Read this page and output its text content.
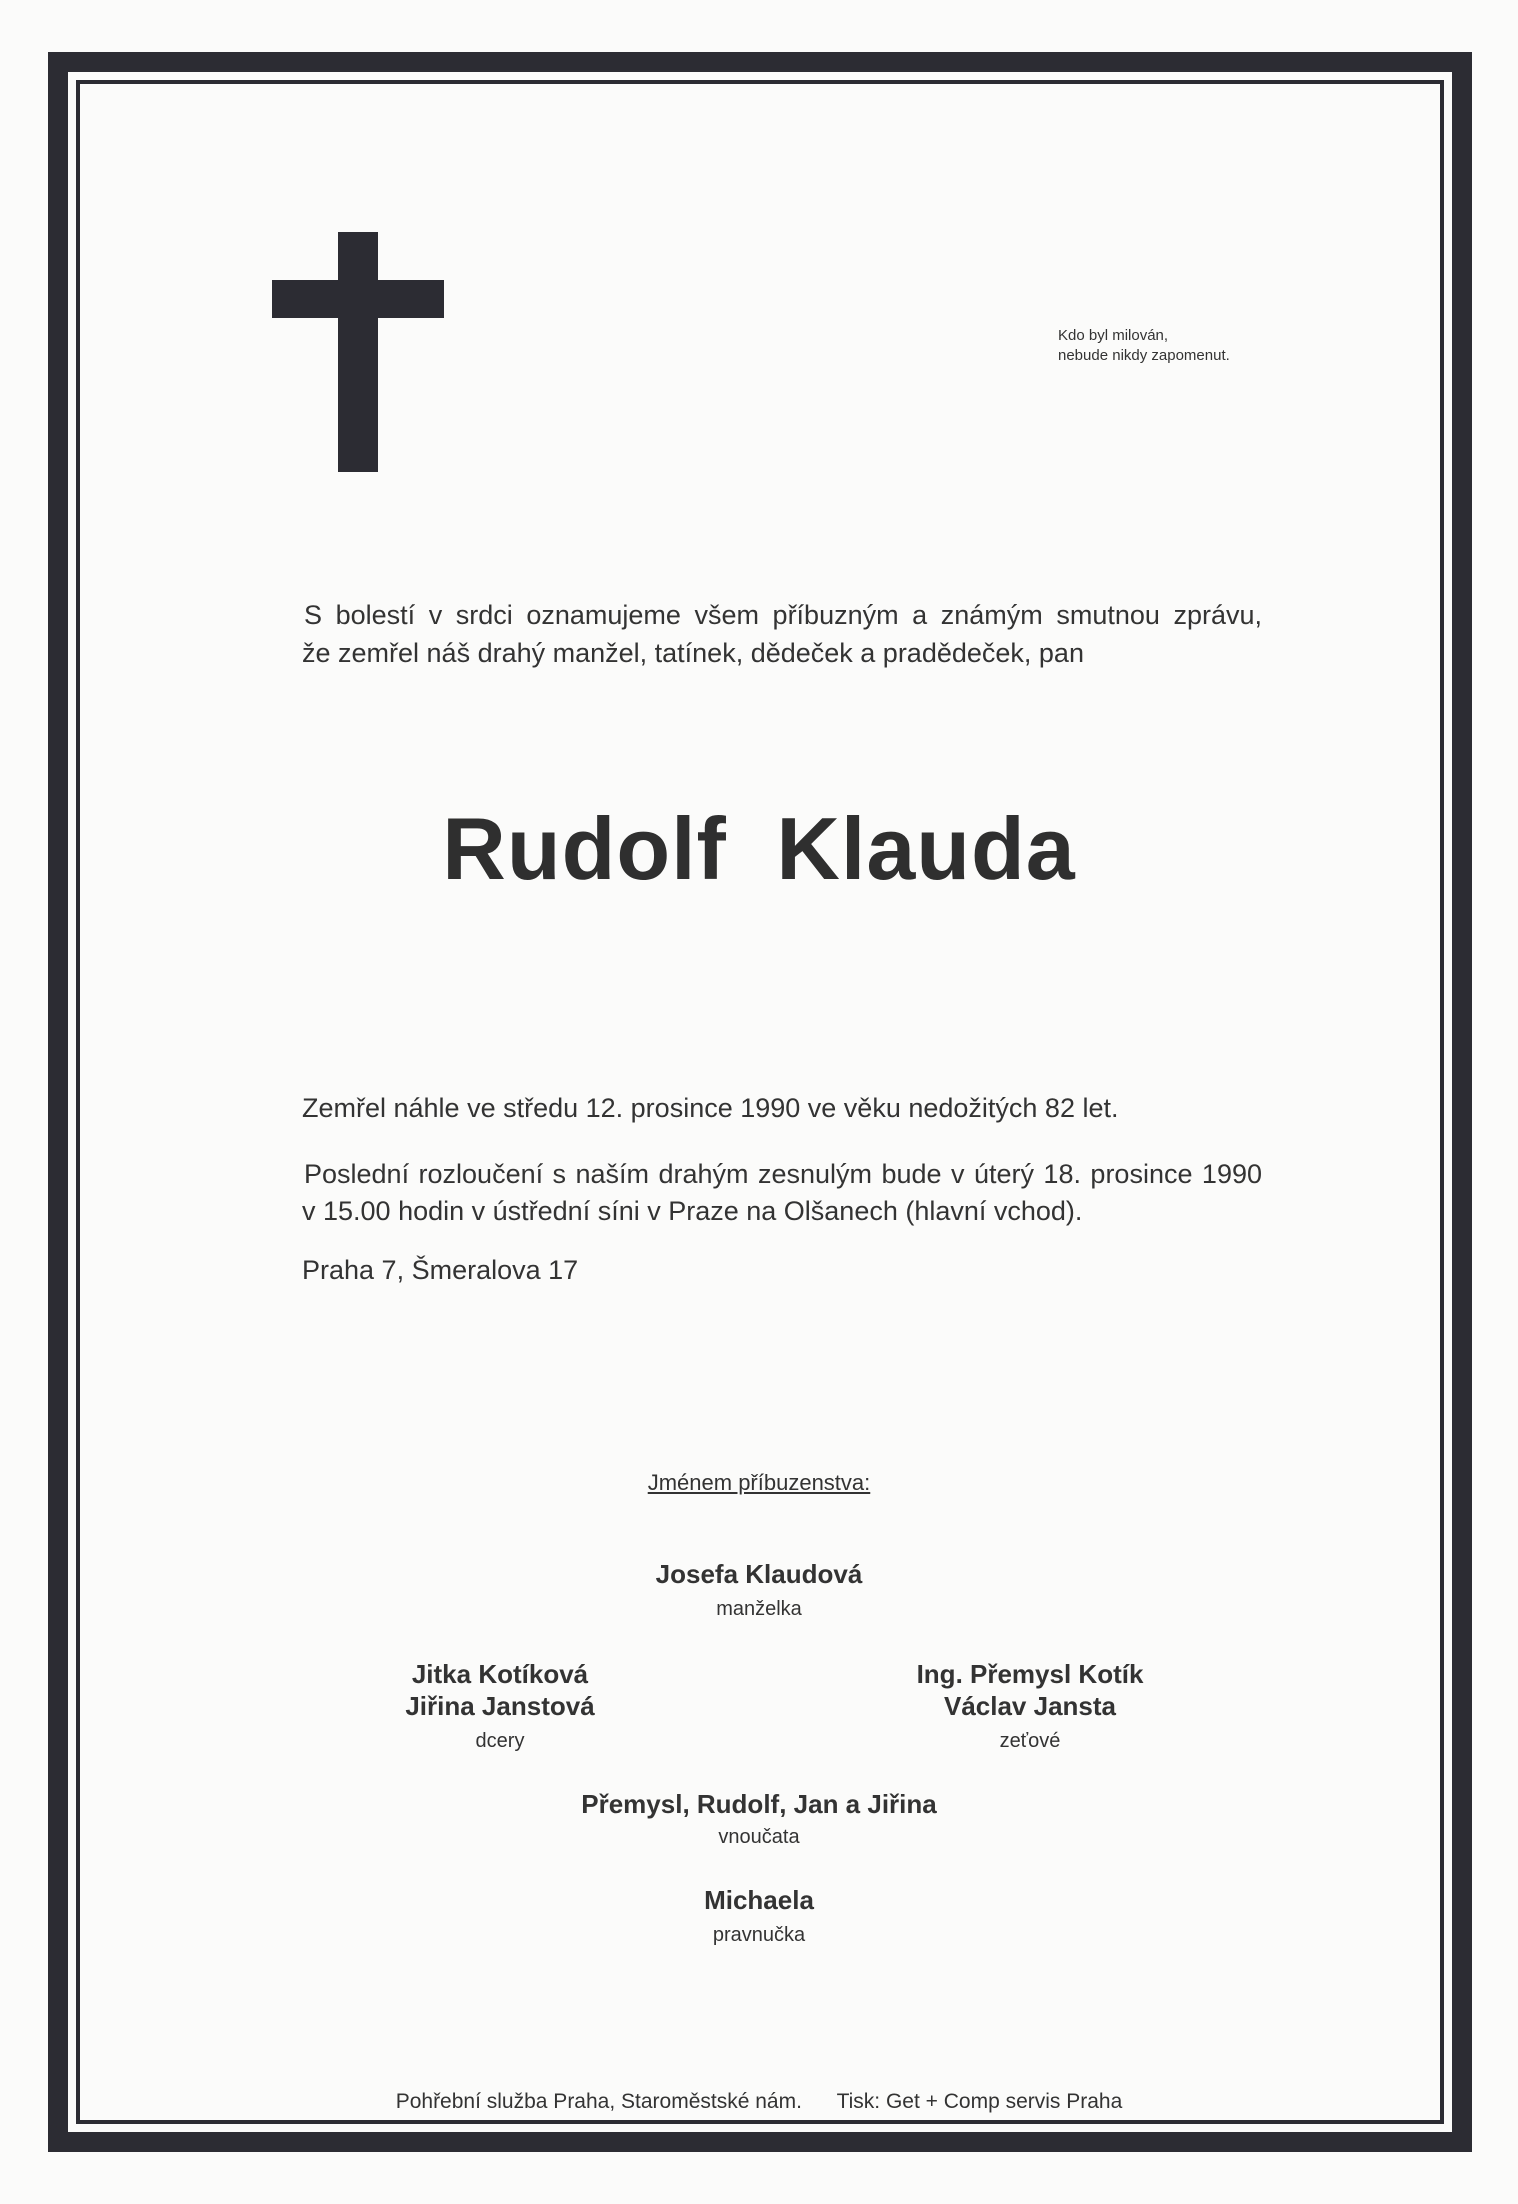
Kdo byl milován,
nebude nikdy zapomenut.
S bolestí v srdci oznamujeme všem příbuzným a známým smutnou zprávu,
že zemřel náš drahý manžel, tatínek, dědeček a pradědeček, pan
Rudolf Klauda
Zemřel náhle ve středu 12. prosince 1990 ve věku nedožitých 82 let.
Poslední rozloučení s naším drahým zesnulým bude v úterý 18. prosince 1990
v 15.00 hodin v ústřední síni v Praze na Olšanech (hlavní vchod).
Praha 7, Šmeralova 17
Jménem příbuzenstva:
Josefa Klaudová
manželka
Jitka Kotíková
Jiřina Janstová
dcery
Ing. Přemysl Kotík
Václav Jansta
zeťové
Přemysl, Rudolf, Jan a Jiřina
vnoučata
Michaela
pravnučka
Pohřební služba Praha, Staroměstské nám. Tisk: Get + Comp servis Praha
